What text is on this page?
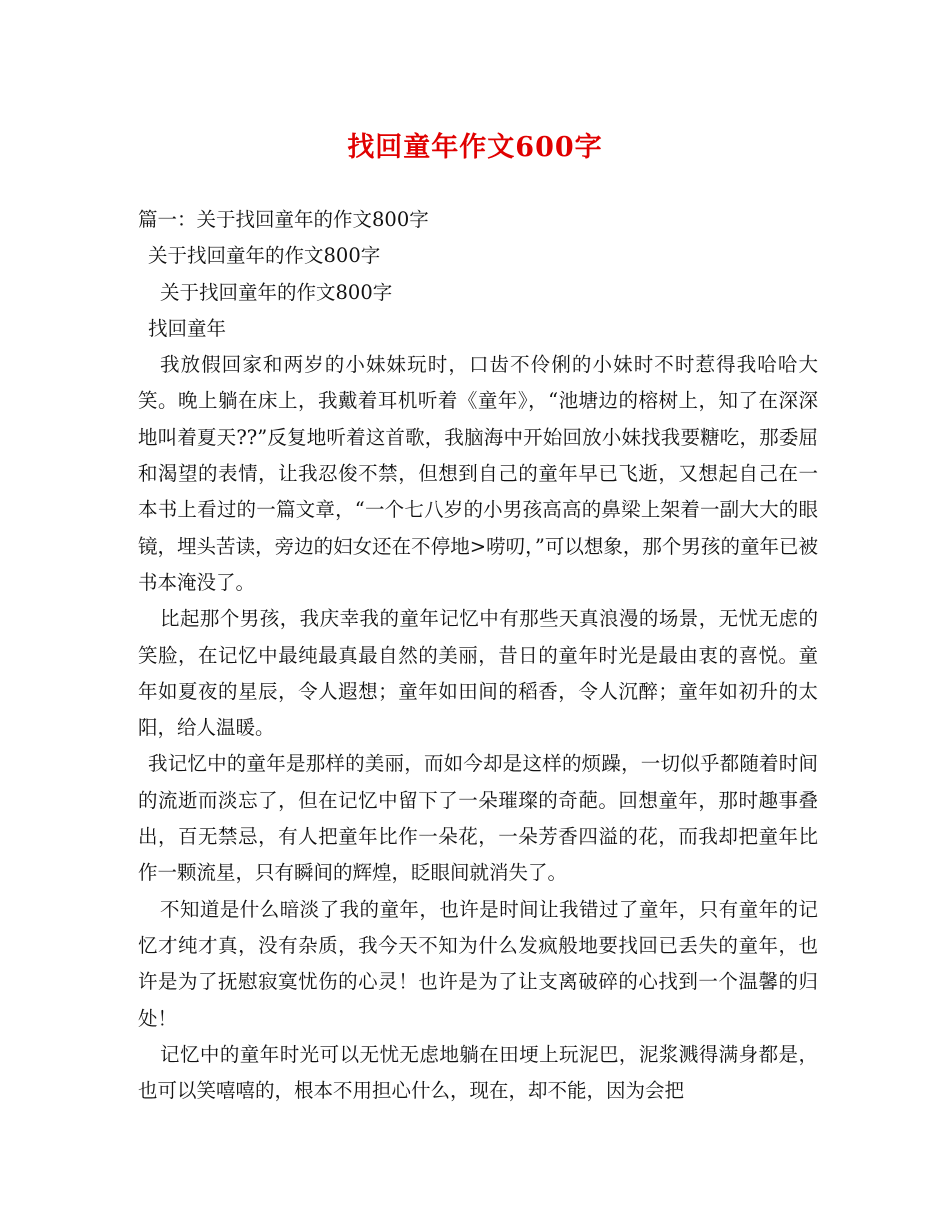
找回童年作文600字

篇一：关于找回童年的作文800字

关于找回童年的作文800字

关于找回童年的作文800字

找回童年

我放假回家和两岁的小妹妹玩时，口齿不伶俐的小妹时不时惹得我哈哈大笑。晚上躺在床上，我戴着耳机听着《童年》，“池塘边的榕树上，知了在深深地叫着夏天??”反复地听着这首歌，我脑海中开始回放小妹找我要糖吃，那委屈和渴望的表情，让我忍俊不禁，但想到自己的童年早已飞逝，又想起自己在一本书上看过的一篇文章，“一个七八岁的小男孩高高的鼻梁上架着一副大大的眼镜，埋头苦读，旁边的妇女还在不停地>唠叨，”可以想象，那个男孩的童年已被书本淹没了。

比起那个男孩，我庆幸我的童年记忆中有那些天真浪漫的场景，无忧无虑的笑脸，在记忆中最纯最真最自然的美丽，昔日的童年时光是最由衷的喜悦。童年如夏夜的星辰，令人遐想；童年如田间的稻香，令人沉醉；童年如初升的太阳，给人温暖。

我记忆中的童年是那样的美丽，而如今却是这样的烦躁，一切似乎都随着时间的流逝而淡忘了，但在记忆中留下了一朵璀璨的奇葩。回想童年，那时趣事叠出，百无禁忌，有人把童年比作一朵花，一朵芳香四溢的花，而我却把童年比作一颗流星，只有瞬间的辉煌，眨眼间就消失了。

不知道是什么暗淡了我的童年，也许是时间让我错过了童年，只有童年的记忆才纯才真，没有杂质，我今天不知为什么发疯般地要找回已丢失的童年，也许是为了抚慰寂寞忧伤的心灵！也许是为了让支离破碎的心找到一个温馨的归处！

记忆中的童年时光可以无忧无虑地躺在田埂上玩泥巴，泥浆溅得满身都是，也可以笑嘻嘻的，根本不用担心什么，现在，却不能，因为会把
